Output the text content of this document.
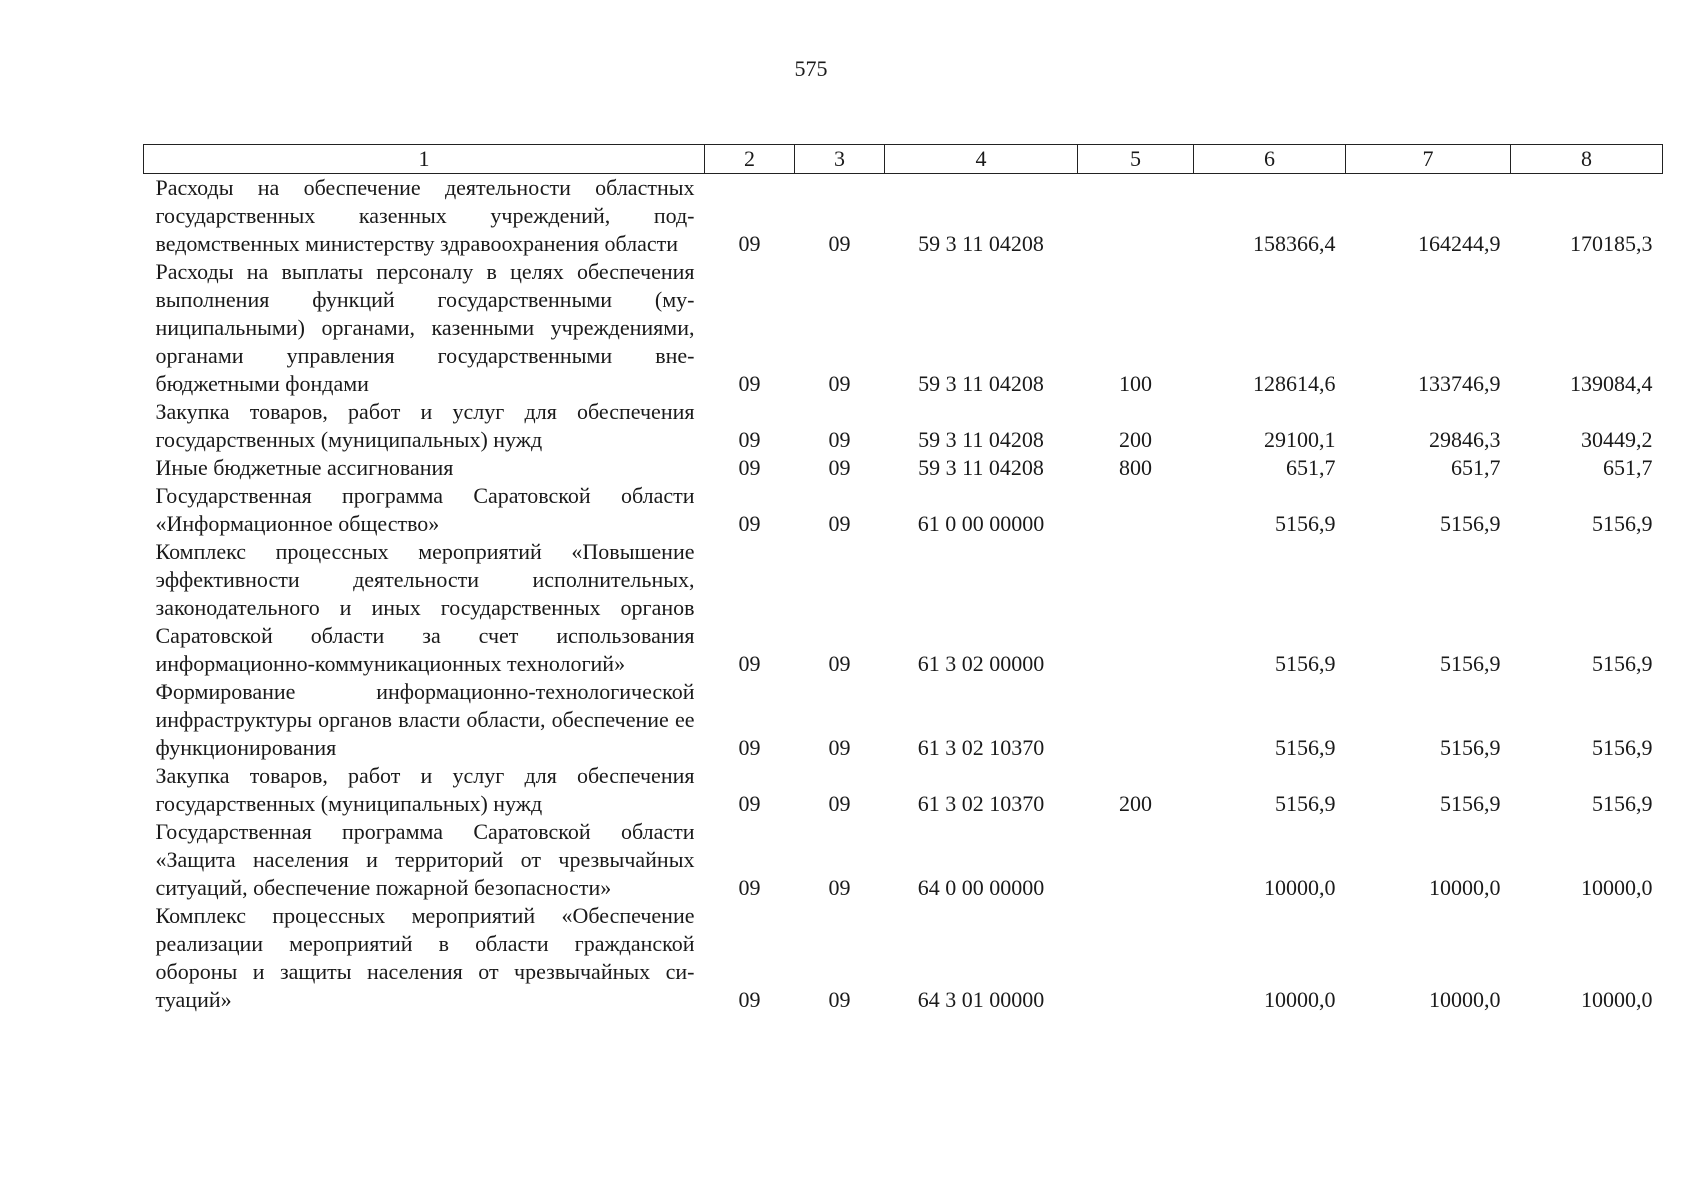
575
1	2	3	4	5	6	7	8
Расходы на обеспечение деятельности областных государственных казенных учреждений, подведомственных министерству здравоохранения области	09	09	59 3 11 04208		158366,4	164244,9	170185,3
Расходы на выплаты персоналу в целях обеспечения выполнения функций государственными (муниципальными) органами, казенными учреждениями, органами управления государственными внебюджетными фондами	09	09	59 3 11 04208	100	128614,6	133746,9	139084,4
Закупка товаров, работ и услуг для обеспечения государственных (муниципальных) нужд	09	09	59 3 11 04208	200	29100,1	29846,3	30449,2
Иные бюджетные ассигнования	09	09	59 3 11 04208	800	651,7	651,7	651,7
Государственная программа Саратовской области «Информационное общество»	09	09	61 0 00 00000		5156,9	5156,9	5156,9
Комплекс процессных мероприятий «Повышение эффективности деятельности исполнительных, законодательного и иных государственных органов Саратовской области за счет использования информационно-коммуникационных технологий»	09	09	61 3 02 00000		5156,9	5156,9	5156,9
Формирование информационно-технологической инфраструктуры органов власти области, обеспечение ее функционирования	09	09	61 3 02 10370		5156,9	5156,9	5156,9
Закупка товаров, работ и услуг для обеспечения государственных (муниципальных) нужд	09	09	61 3 02 10370	200	5156,9	5156,9	5156,9
Государственная программа Саратовской области «Защита населения и территорий от чрезвычайных ситуаций, обеспечение пожарной безопасности»	09	09	64 0 00 00000		10000,0	10000,0	10000,0
Комплекс процессных мероприятий «Обеспечение реализации мероприятий в области гражданской обороны и защиты населения от чрезвычайных ситуаций»	09	09	64 3 01 00000		10000,0	10000,0	10000,0
